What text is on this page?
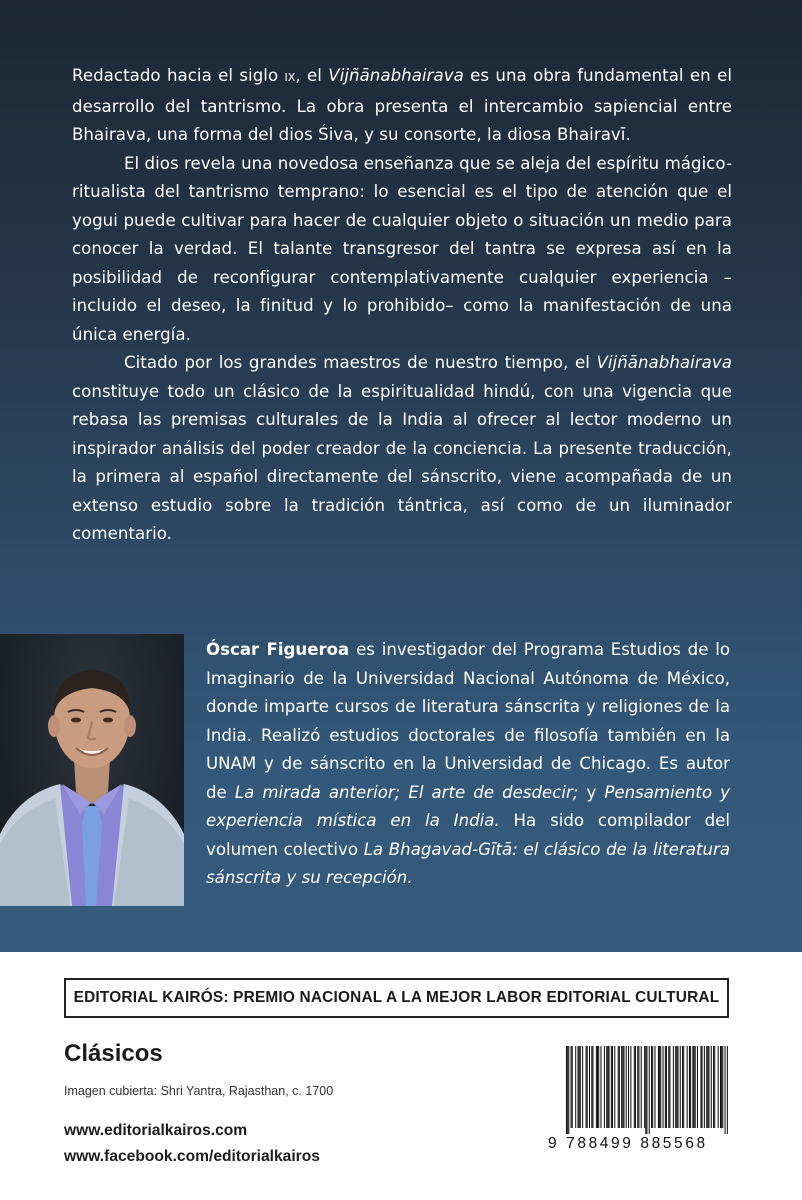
Redactado hacia el siglo IX, el Vijñānabhairava es una obra fundamental en el desarrollo del tantrismo. La obra presenta el intercambio sapiencial entre Bhairava, una forma del dios Śiva, y su consorte, la diosa Bhairavī.

El dios revela una novedosa enseñanza que se aleja del espíritu mágico-ritualista del tantrismo temprano: lo esencial es el tipo de atención que el yogui puede cultivar para hacer de cualquier objeto o situación un medio para conocer la verdad. El talante transgresor del tantra se expresa así en la posibilidad de reconfigurar contemplativamente cualquier experiencia –incluido el deseo, la finitud y lo prohibido– como la manifestación de una única energía.

Citado por los grandes maestros de nuestro tiempo, el Vijñānabhairava constituye todo un clásico de la espiritualidad hindú, con una vigencia que rebasa las premisas culturales de la India al ofrecer al lector moderno un inspirador análisis del poder creador de la conciencia. La presente traducción, la primera al español directamente del sánscrito, viene acompañada de un extenso estudio sobre la tradición tántrica, así como de un iluminador comentario.

Óscar Figueroa es investigador del Programa Estudios de lo Imaginario de la Universidad Nacional Autónoma de México, donde imparte cursos de literatura sánscrita y religiones de la India. Realizó estudios doctorales de filosofía también en la UNAM y de sánscrito en la Universidad de Chicago. Es autor de La mirada anterior; El arte de desdecir; y Pensamiento y experiencia mística en la India. Ha sido compilador del volumen colectivo La Bhagavad-Gītā: el clásico de la literatura sánscrita y su recepción.
EDITORIAL KAIRÓS: PREMIO NACIONAL A LA MEJOR LABOR EDITORIAL CULTURAL
Clásicos
Imagen cubierta: Shri Yantra, Rajasthan, c. 1700
www.editorialkairos.com
www.facebook.com/editorialkairos
9 788499 885568
